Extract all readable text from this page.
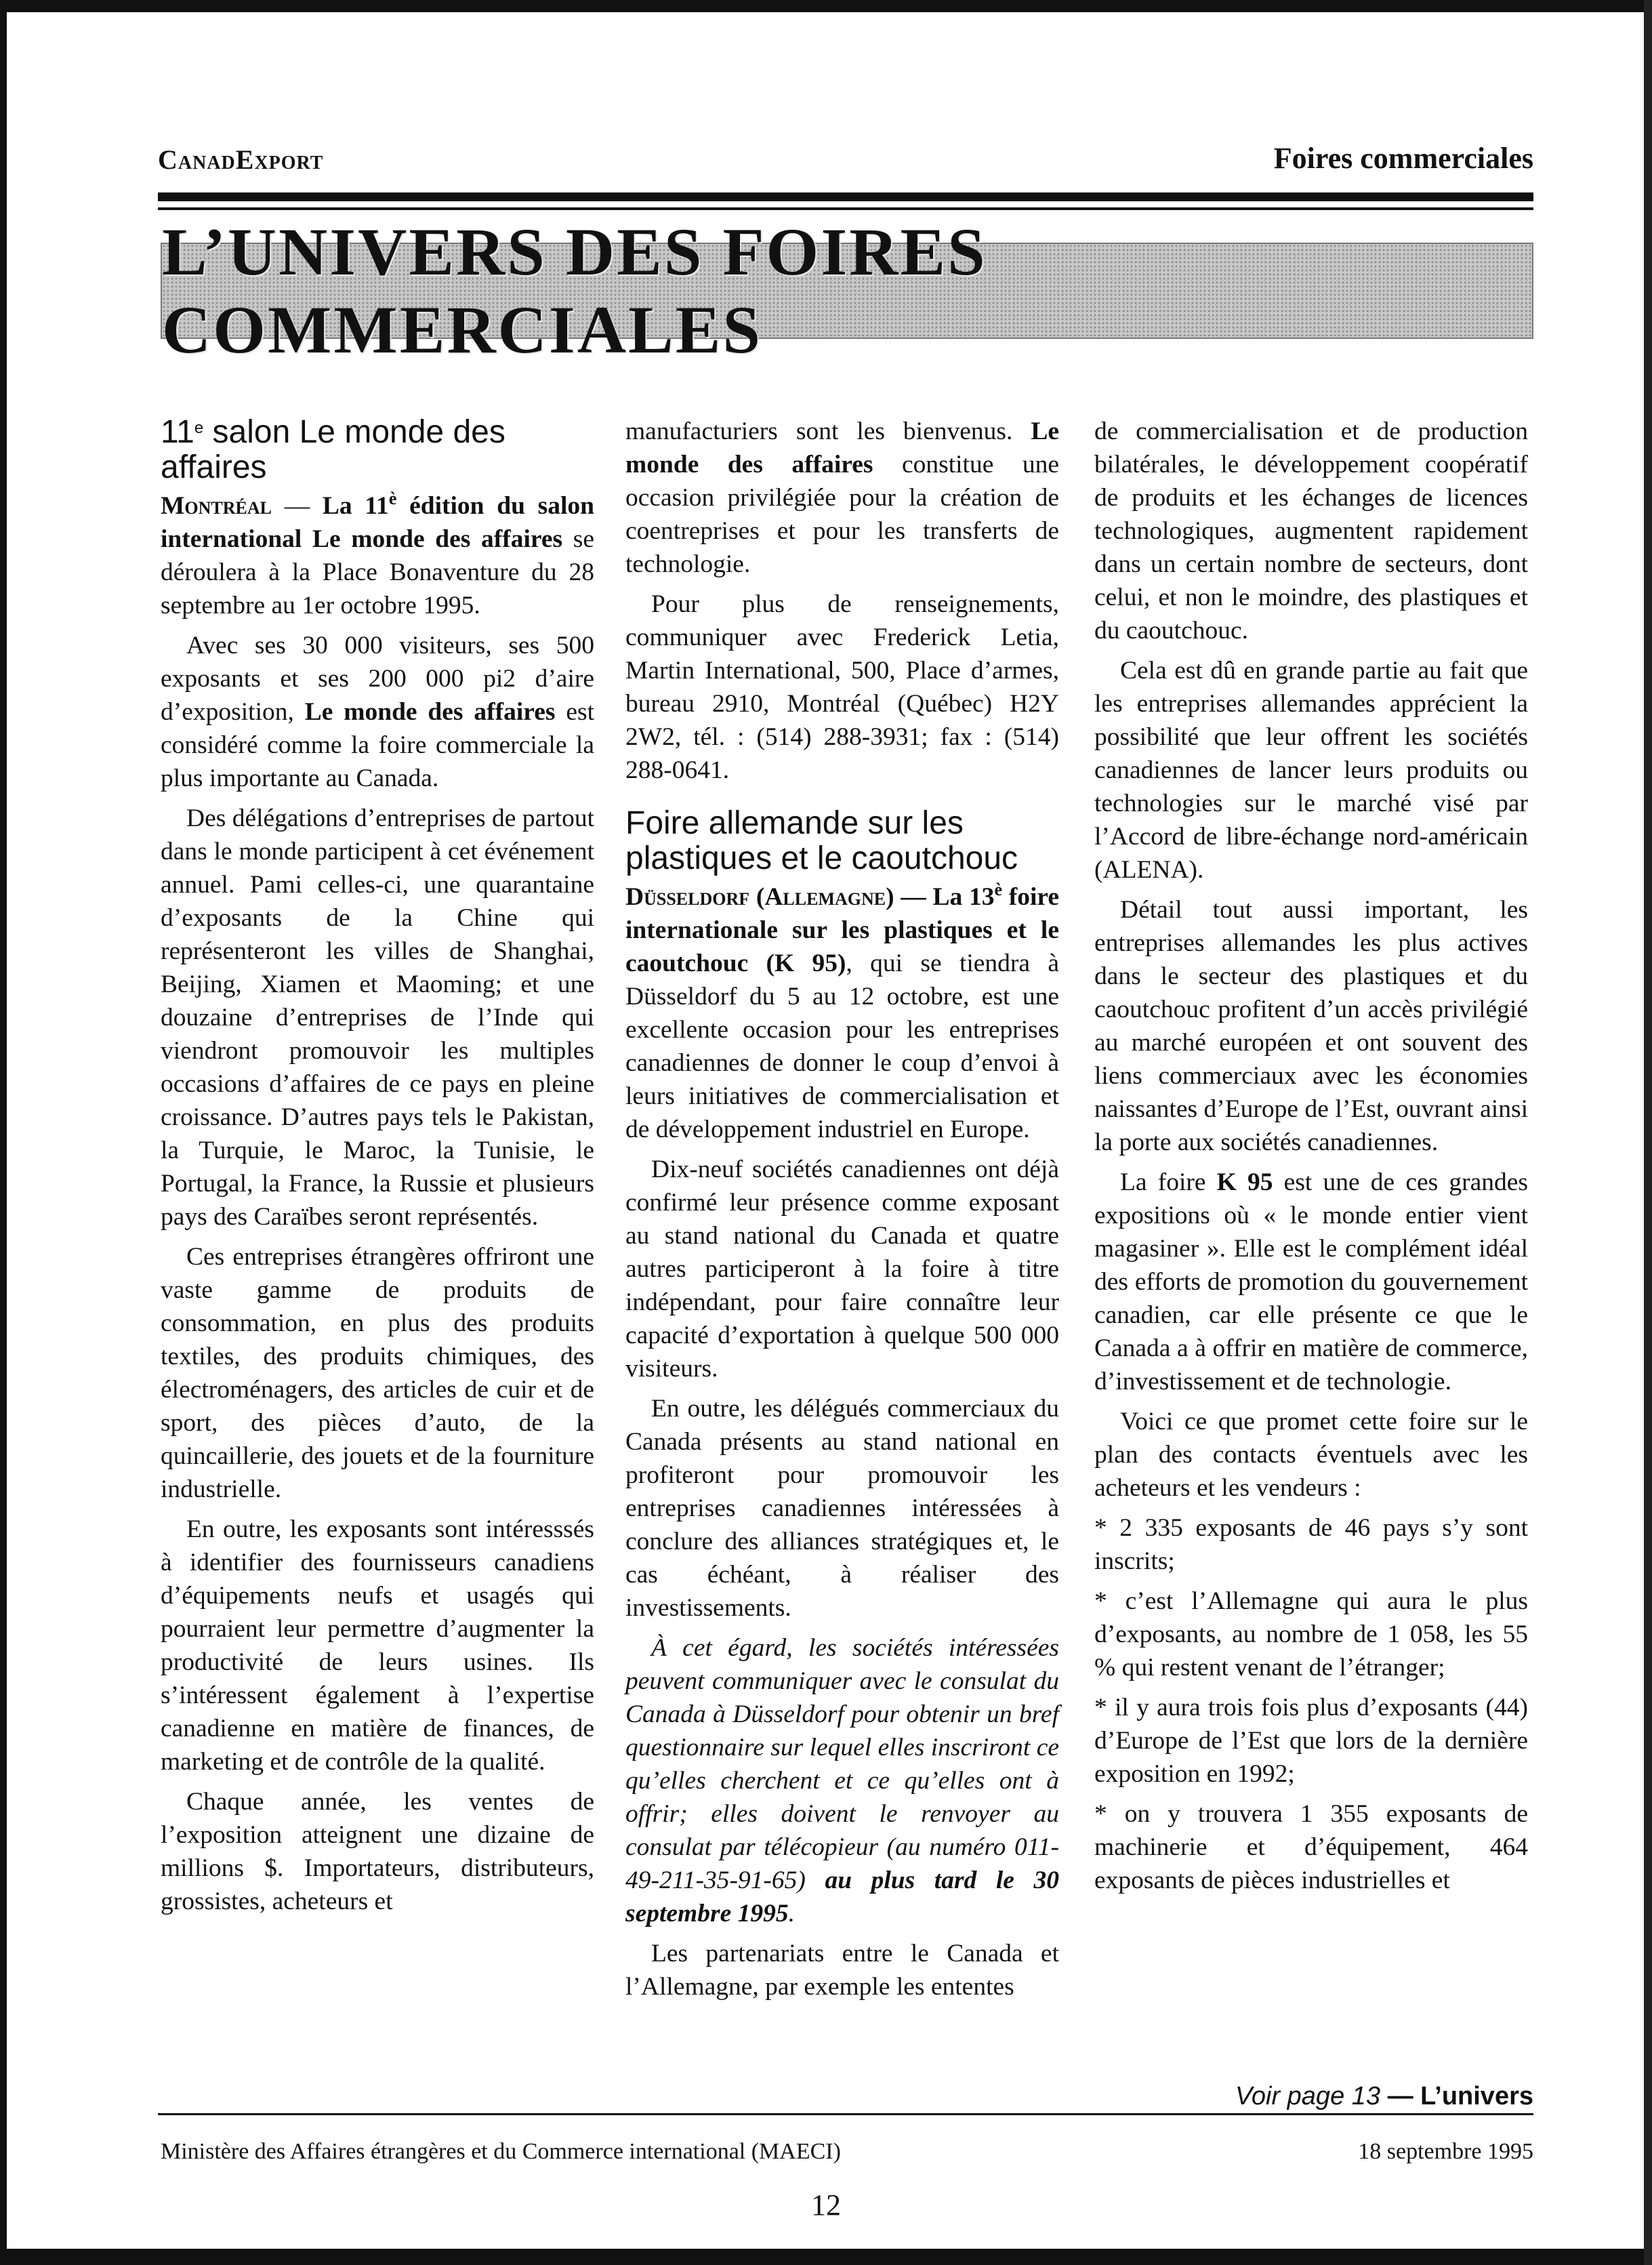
CanadExport	Foires commerciales
L’UNIVERS DES FOIRES COMMERCIALES
11e salon Le monde des affaires

Montréal — La $11^è$ édition du salon international Le monde des affaires se déroulera à la Place Bonaventure du 28 septembre au 1er octobre 1995.

Avec ses 30 000 visiteurs, ses 500 exposants et ses 200 000 pi2 d’aire d’exposition, Le monde des affaires est considéré comme la foire commerciale la plus importante au Canada.

Des délégations d’entreprises de partout dans le monde participent à cet événement annuel. Pami celles-ci, une quarantaine d’exposants de la Chine qui représenteront les villes de Shanghai, Beijing, Xiamen et Maoming; et une douzaine d’entreprises de l’Inde qui viendront promouvoir les multiples occasions d’affaires de ce pays en pleine croissance. D’autres pays tels le Pakistan, la Turquie, le Maroc, la Tunisie, le Portugal, la France, la Russie et plusieurs pays des Caraïbes seront représentés.

Ces entreprises étrangères offriront une vaste gamme de produits de consommation, en plus des produits textiles, des produits chimiques, des électroménagers, des articles de cuir et de sport, des pièces d’auto, de la quincaillerie, des jouets et de la fourniture industrielle.

En outre, les exposants sont intéresssés à identifier des fournisseurs canadiens d’équipements neufs et usagés qui pourraient leur permettre d’augmenter la productivité de leurs usines. Ils s’intéressent également à l’expertise canadienne en matière de finances, de marketing et de contrôle de la qualité.

Chaque année, les ventes de l’exposition atteignent une dizaine de millions $. Importateurs, distributeurs, grossistes, acheteurs et

manufacturiers sont les bienvenus. Le monde des affaires constitue une occasion privilégiée pour la création de coentreprises et pour les transferts de technologie.

Pour plus de renseignements, communiquer avec Frederick Letia, Martin International, 500, Place d’armes, bureau 2910, Montréal (Québec) H2Y 2W2, tél. : (514) 288-3931; fax : (514) 288-0641.

Foire allemande sur les plastiques et le caoutchouc

Düsseldorf (Allemagne) — La $13^è$ foire internationale sur les plastiques et le caoutchouc (K 95), qui se tiendra à Düsseldorf du 5 au 12 octobre, est une excellente occasion pour les entreprises canadiennes de donner le coup d’envoi à leurs initiatives de commercialisation et de développement industriel en Europe.

Dix-neuf sociétés canadiennes ont déjà confirmé leur présence comme exposant au stand national du Canada et quatre autres participeront à la foire à titre indépendant, pour faire connaître leur capacité d’exportation à quelque 500 000 visiteurs.

En outre, les délégués commerciaux du Canada présents au stand national en profiteront pour promouvoir les entreprises canadiennes intéressées à conclure des alliances stratégiques et, le cas échéant, à réaliser des investissements.

À cet égard, les sociétés intéressées peuvent communiquer avec le consulat du Canada à Düsseldorf pour obtenir un bref questionnaire sur lequel elles inscriront ce qu’elles cherchent et ce qu’elles ont à offrir; elles doivent le renvoyer au consulat par télécopieur (au numéro 011-49-211-35-91-65) au plus tard le 30 septembre 1995.

Les partenariats entre le Canada et l’Allemagne, par exemple les ententes

de commercialisation et de production bilatérales, le développement coopératif de produits et les échanges de licences technologiques, augmentent rapidement dans un certain nombre de secteurs, dont celui, et non le moindre, des plastiques et du caoutchouc.

Cela est dû en grande partie au fait que les entreprises allemandes apprécient la possibilité que leur offrent les sociétés canadiennes de lancer leurs produits ou technologies sur le marché visé par l’Accord de libre-échange nord-américain (ALENA).

Détail tout aussi important, les entreprises allemandes les plus actives dans le secteur des plastiques et du caoutchouc profitent d’un accès privilégié au marché européen et ont souvent des liens commerciaux avec les économies naissantes d’Europe de l’Est, ouvrant ainsi la porte aux sociétés canadiennes.

La foire K 95 est une de ces grandes expositions où « le monde entier vient magasiner ». Elle est le complément idéal des efforts de promotion du gouvernement canadien, car elle présente ce que le Canada a à offrir en matière de commerce, d’investissement et de technologie.

Voici ce que promet cette foire sur le plan des contacts éventuels avec les acheteurs et les vendeurs :

* 2 335 exposants de 46 pays s’y sont inscrits;

* c’est l’Allemagne qui aura le plus d’exposants, au nombre de 1 058, les 55 % qui restent venant de l’étranger;

* il y aura trois fois plus d’exposants (44) d’Europe de l’Est que lors de la dernière exposition en 1992;

* on y trouvera 1 355 exposants de machinerie et d’équipement, 464 exposants de pièces industrielles et

Voir page 13 — L’univers
Ministère des Affaires étrangères et du Commerce international (MAECI)	18 septembre 1995
12
